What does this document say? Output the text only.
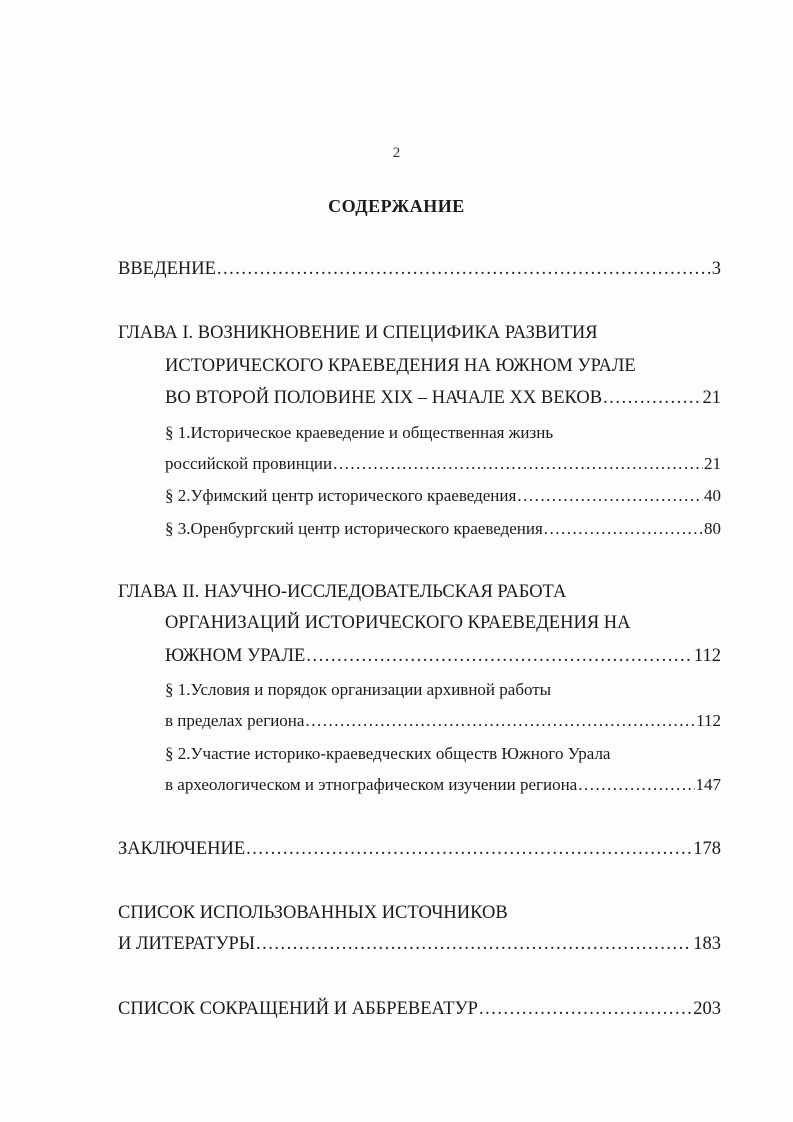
2
СОДЕРЖАНИЕ
ВВЕДЕНИЕ .....	3
ГЛАВА I. ВОЗНИКНОВЕНИЕ И СПЕЦИФИКА РАЗВИТИЯ
ИСТОРИЧЕСКОГО КРАЕВЕДЕНИЯ НА ЮЖНОМ УРАЛЕ
ВО ВТОРОЙ ПОЛОВИНЕ XIX – НАЧАЛЕ XX ВЕКОВ .....	21
§ 1.Историческое краеведение и общественная жизнь
российской провинции .....	21
§ 2.Уфимский центр исторического краеведения .....	40
§ 3.Оренбургский центр исторического краеведения .....	80
ГЛАВА II. НАУЧНО-ИССЛЕДОВАТЕЛЬСКАЯ РАБОТА
ОРГАНИЗАЦИЙ ИСТОРИЧЕСКОГО КРАЕВЕДЕНИЯ НА
ЮЖНОМ УРАЛЕ .....	112
§ 1.Условия и порядок организации архивной работы
в пределах региона .....	112
§ 2.Участие историко-краеведческих обществ Южного Урала
в археологическом и этнографическом изучении региона .....	147
ЗАКЛЮЧЕНИЕ .....	178
СПИСОК ИСПОЛЬЗОВАННЫХ ИСТОЧНИКОВ
И ЛИТЕРАТУРЫ .....	183
СПИСОК СОКРАЩЕНИЙ И АББРЕВЕАТУР .....	203
